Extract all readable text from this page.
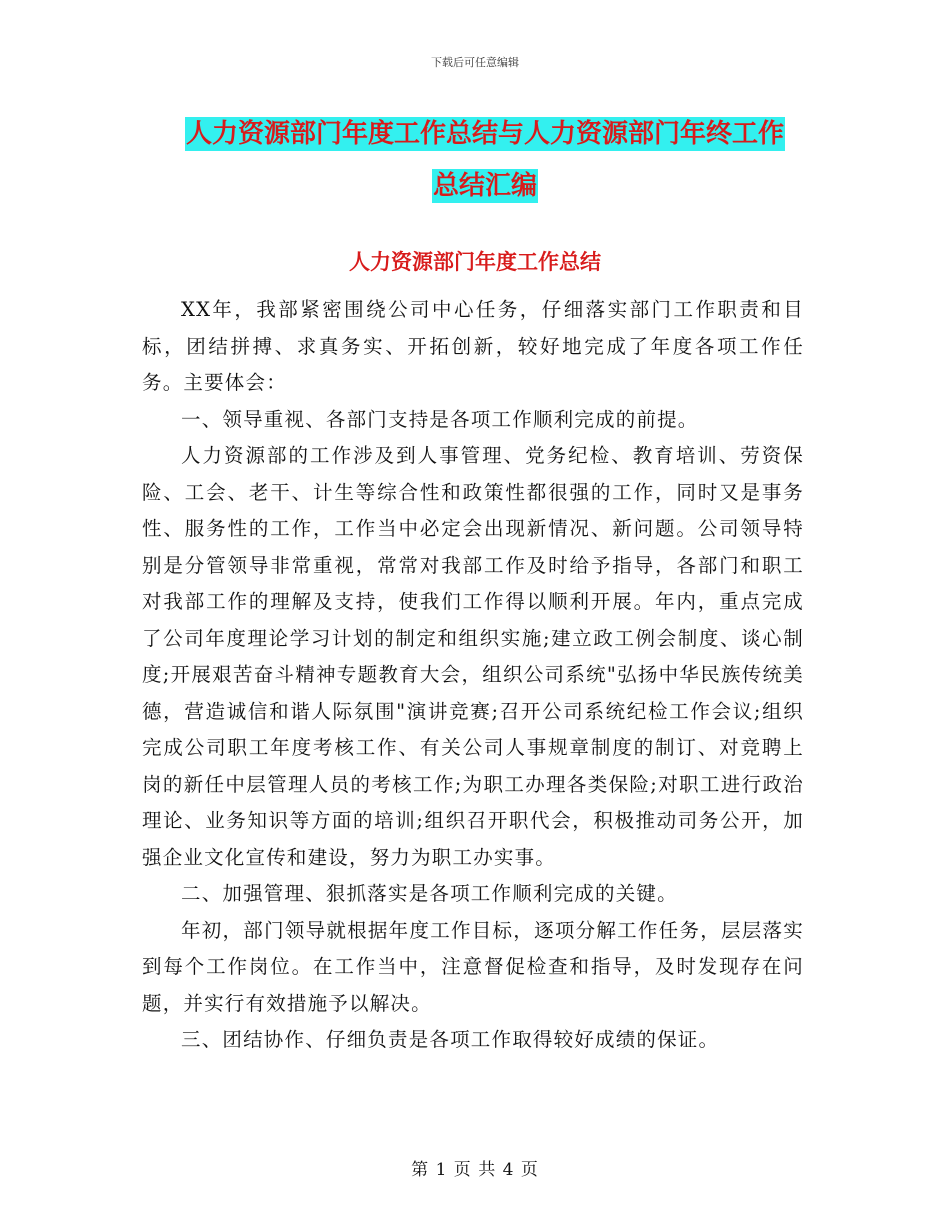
下载后可任意编辑
人力资源部门年度工作总结与人力资源部门年终工作
总结汇编
人力资源部门年度工作总结

XX年，我部紧密围绕公司中心任务，仔细落实部门工作职责和目标，团结拼搏、求真务实、开拓创新，较好地完成了年度各项工作任务。主要体会：

一、领导重视、各部门支持是各项工作顺利完成的前提。

人力资源部的工作涉及到人事管理、党务纪检、教育培训、劳资保险、工会、老干、计生等综合性和政策性都很强的工作，同时又是事务性、服务性的工作，工作当中必定会出现新情况、新问题。公司领导特别是分管领导非常重视，常常对我部工作及时给予指导，各部门和职工对我部工作的理解及支持，使我们工作得以顺利开展。年内，重点完成了公司年度理论学习计划的制定和组织实施;建立政工例会制度、谈心制度;开展艰苦奋斗精神专题教育大会，组织公司系统"弘扬中华民族传统美德，营造诚信和谐人际氛围"演讲竞赛;召开公司系统纪检工作会议;组织完成公司职工年度考核工作、有关公司人事规章制度的制订、对竞聘上岗的新任中层管理人员的考核工作;为职工办理各类保险;对职工进行政治理论、业务知识等方面的培训;组织召开职代会，积极推动司务公开，加强企业文化宣传和建设，努力为职工办实事。

二、加强管理、狠抓落实是各项工作顺利完成的关键。

年初，部门领导就根据年度工作目标，逐项分解工作任务，层层落实到每个工作岗位。在工作当中，注意督促检查和指导，及时发现存在问题，并实行有效措施予以解决。

三、团结协作、仔细负责是各项工作取得较好成绩的保证。

第 1 页 共 4 页
